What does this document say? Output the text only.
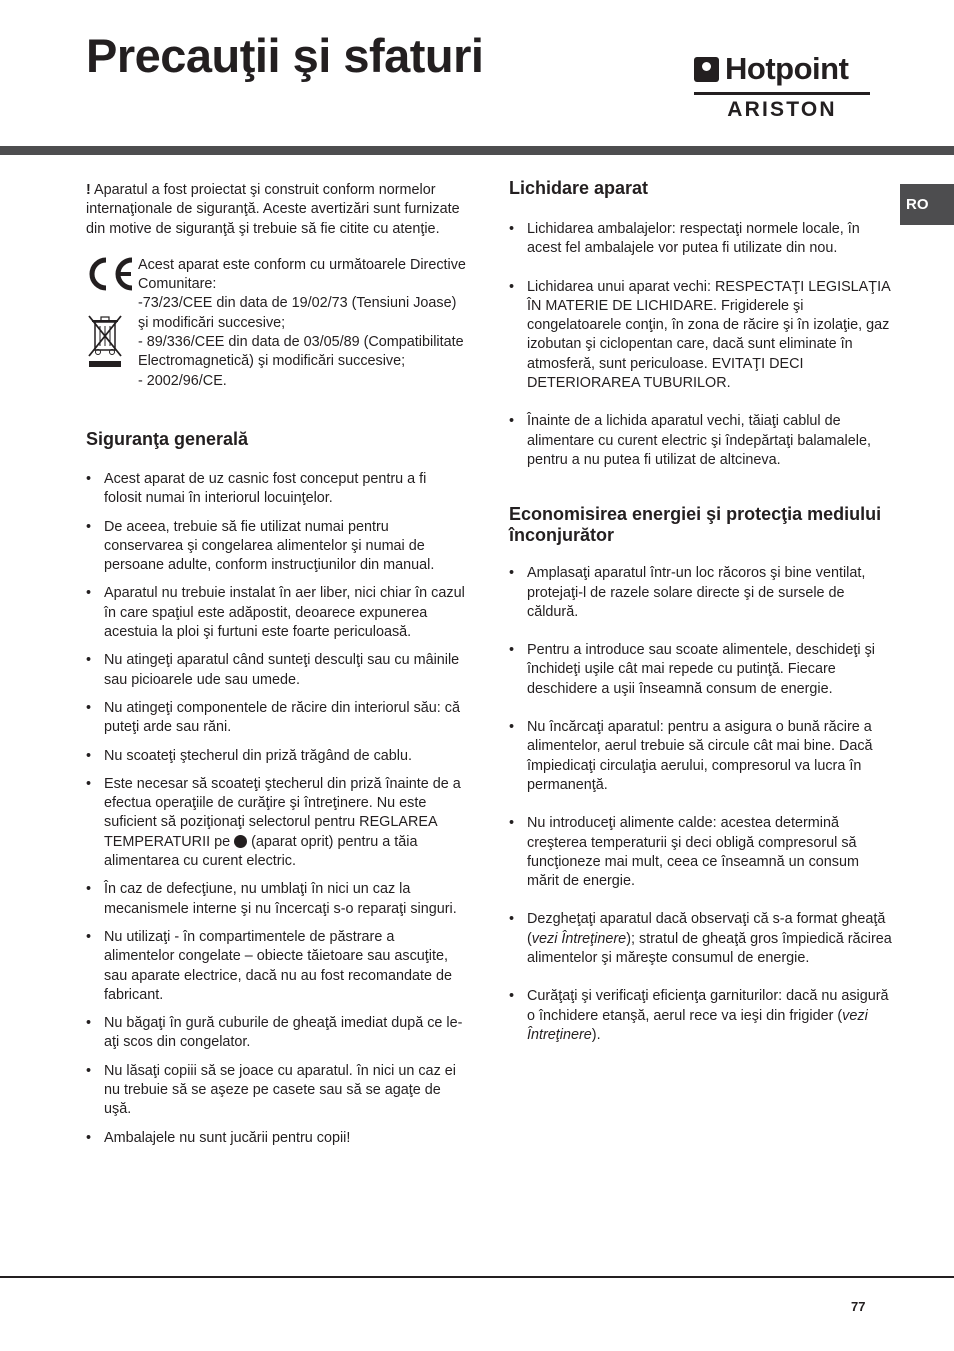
Precauţii şi sfaturi	Hotpoint
ARISTON
RO

! Aparatul a fost proiectat şi construit conform normelor internaţionale de siguranţă. Aceste avertizări sunt furnizate din motive de siguranţă şi trebuie să fie citite cu atenţie.

Acest aparat este conform cu următoarele Directive Comunitare:

-73/23/CEE din data de 19/02/73 (Tensiuni Joase) şi modificări succesive;

- 89/336/CEE din data de 03/05/89 (Compatibilitate Electromagnetică) şi modificări succesive;

- 2002/96/CE.

Siguranţa generală
• Acest aparat de uz casnic fost conceput pentru a fi folosit numai în interiorul locuinţelor.
• De aceea, trebuie să fie utilizat numai pentru conservarea şi congelarea alimentelor şi numai de persoane adulte, conform instrucţiunilor din manual.
• Aparatul nu trebuie instalat în aer liber, nici chiar în cazul în care spaţiul este adăpostit, deoarece expunerea acestuia la ploi şi furtuni este foarte periculoasă.
• Nu atingeţi aparatul când sunteţi desculţi sau cu mâinile sau picioarele ude sau umede.
• Nu atingeţi componentele de răcire din interiorul său: că puteţi arde sau răni.
• Nu scoateţi ştecherul din priză trăgând de cablu.
• Este necesar să scoateţi ştecherul din priză înainte de a efectua operaţiile de curăţire şi întreţinere. Nu este suficient să poziţionaţi selectorul pentru REGLAREA TEMPERATURII pe  (aparat oprit) pentru a tăia alimentarea cu curent electric.
• În caz de defecţiune, nu umblaţi în nici un caz la mecanismele interne şi nu încercaţi s-o reparaţi singuri.
• Nu utilizaţi - în compartimentele de păstrare a alimentelor congelate – obiecte tăietoare sau ascuţite, sau aparate electrice, dacă nu au fost recomandate de fabricant.
• Nu băgaţi în gură cuburile de gheaţă imediat după ce le-aţi scos din congelator.
• Nu lăsaţi copiii să se joace cu aparatul. în nici un caz ei nu trebuie să se aşeze pe casete sau să se agaţe de uşă.
• Ambalajele nu sunt jucării pentru copii!
Lichidare aparat
• Lichidarea ambalajelor: respectaţi normele locale, în acest fel ambalajele vor putea fi utilizate din nou.
• Lichidarea unui aparat vechi: RESPECTAŢI LEGISLAŢIA ÎN MATERIE DE LICHIDARE. Frigiderele şi congelatoarele conţin, în zona de răcire şi în izolaţie, gaz izobutan şi ciclopentan care, dacă sunt eliminate în atmosferă, sunt periculoase. EVITAŢI DECI DETERIORAREA TUBURILOR.
• Înainte de a lichida aparatul vechi, tăiaţi cablul de alimentare cu curent electric şi îndepărtaţi balamalele, pentru a nu putea fi utilizat de altcineva.
Economisirea energiei şi protecţia mediului înconjurător
• Amplasaţi aparatul într-un loc răcoros şi bine ventilat, protejaţi-l de razele solare directe şi de sursele de căldură.
• Pentru a introduce sau scoate alimentele, deschideţi şi închideţi uşile cât mai repede cu putinţă. Fiecare deschidere a uşii înseamnă consum de energie.
• Nu încărcaţi aparatul: pentru a asigura o bună răcire a alimentelor, aerul trebuie să circule cât mai bine. Dacă împiedicaţi circulaţia aerului, compresorul va lucra în permanenţă.
• Nu introduceţi alimente calde: acestea determină creşterea temperaturii şi deci obligă compresorul să funcţioneze mai mult, ceea ce înseamnă un consum mărit de energie.
• Dezgheţaţi aparatul dacă observaţi că s-a format gheaţă (vezi Întreţinere); stratul de gheaţă gros împiedică răcirea alimentelor şi măreşte consumul de energie.
• Curăţaţi şi verificaţi eficienţa garniturilor: dacă nu asigură o închidere etanşă, aerul rece va ieşi din frigider (vezi Întreţinere).
77
